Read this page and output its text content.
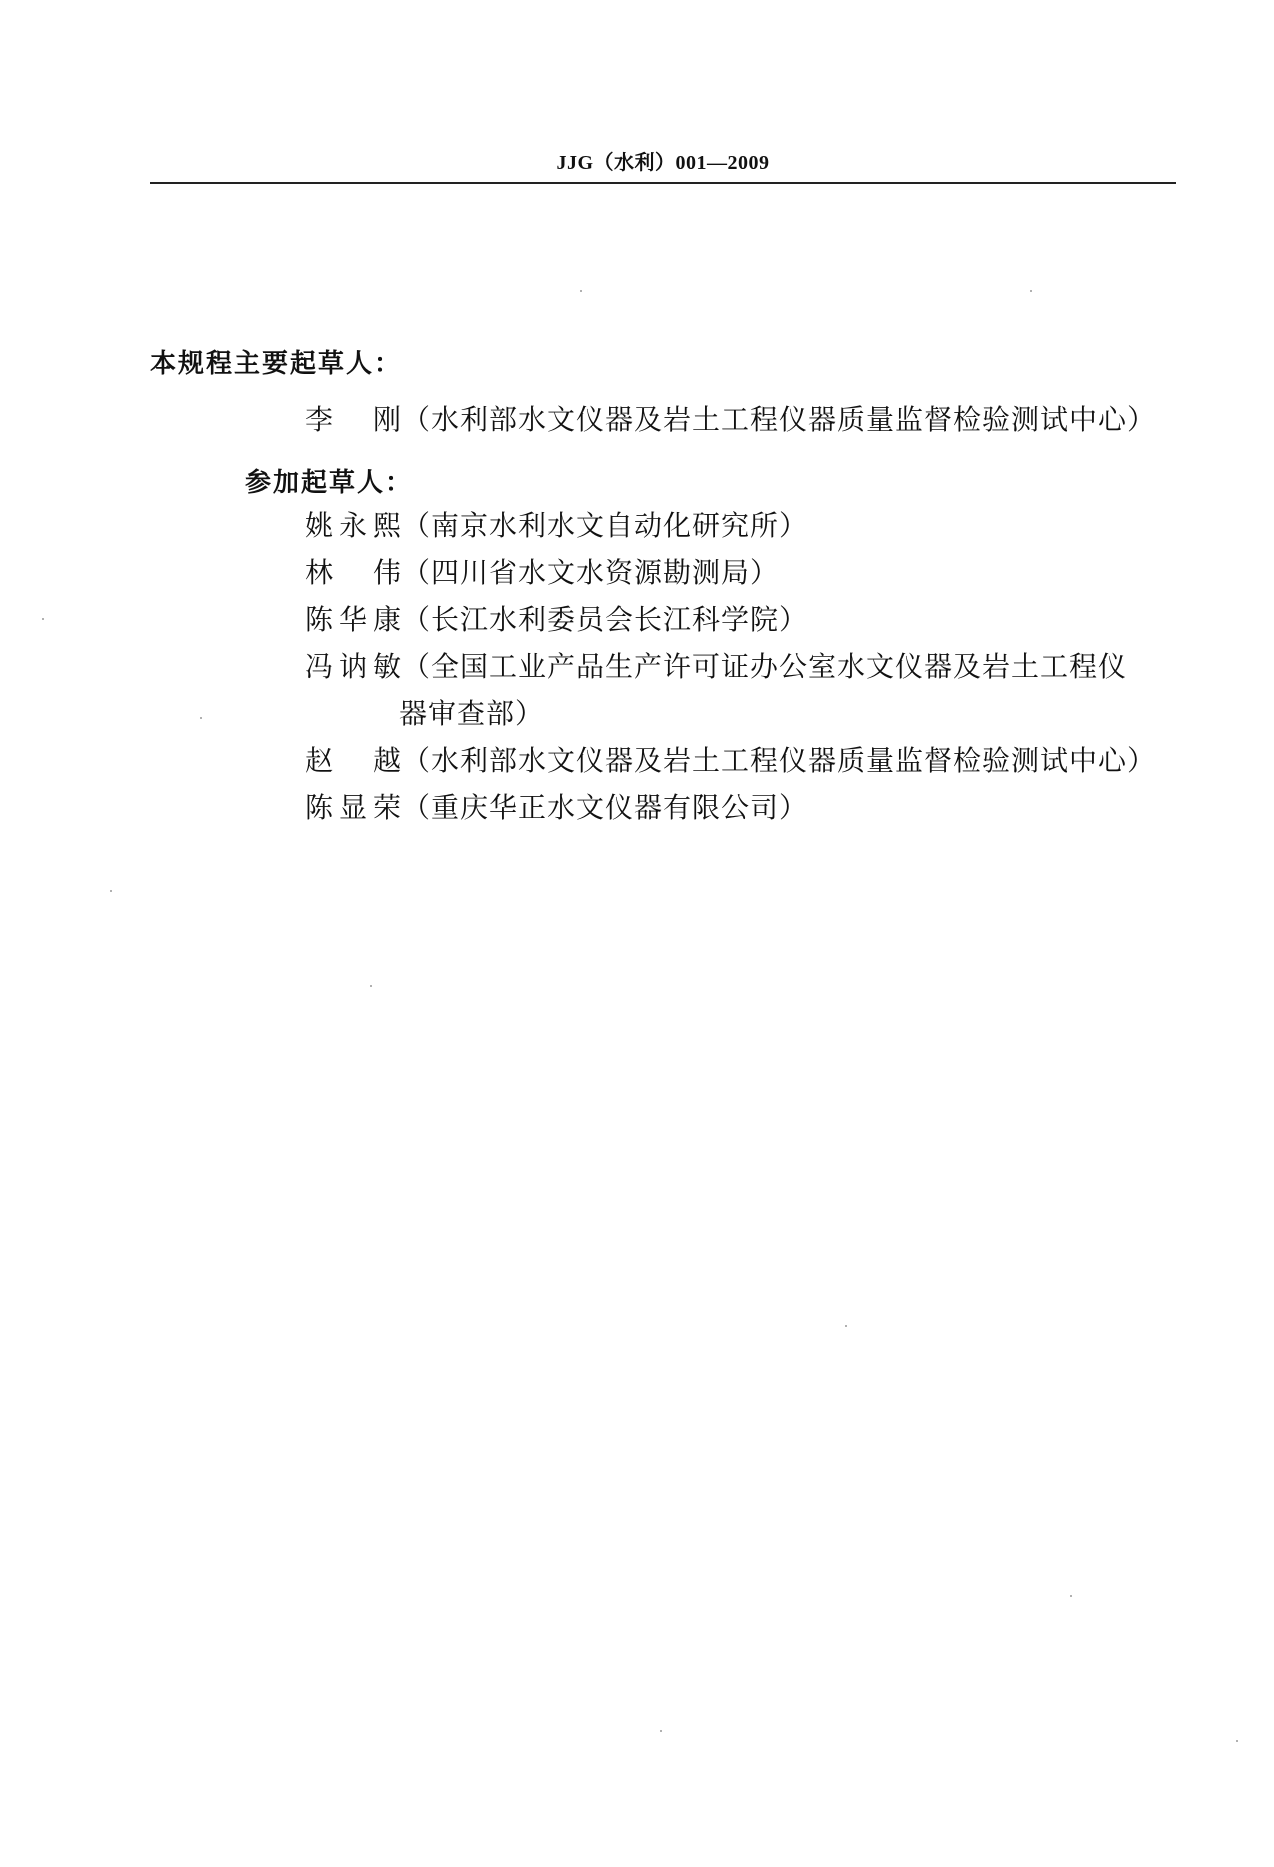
JJG（水利）001—2009
本规程主要起草人：
李 刚（水利部水文仪器及岩土工程仪器质量监督检验测试中心）
参加起草人：
姚永熙（南京水利水文自动化研究所）
林 伟（四川省水文水资源勘测局）
陈华康（长江水利委员会长江科学院）
冯讷敏（全国工业产品生产许可证办公室水文仪器及岩土工程仪
器审查部）
赵 越（水利部水文仪器及岩土工程仪器质量监督检验测试中心）
陈显荣（重庆华正水文仪器有限公司）
